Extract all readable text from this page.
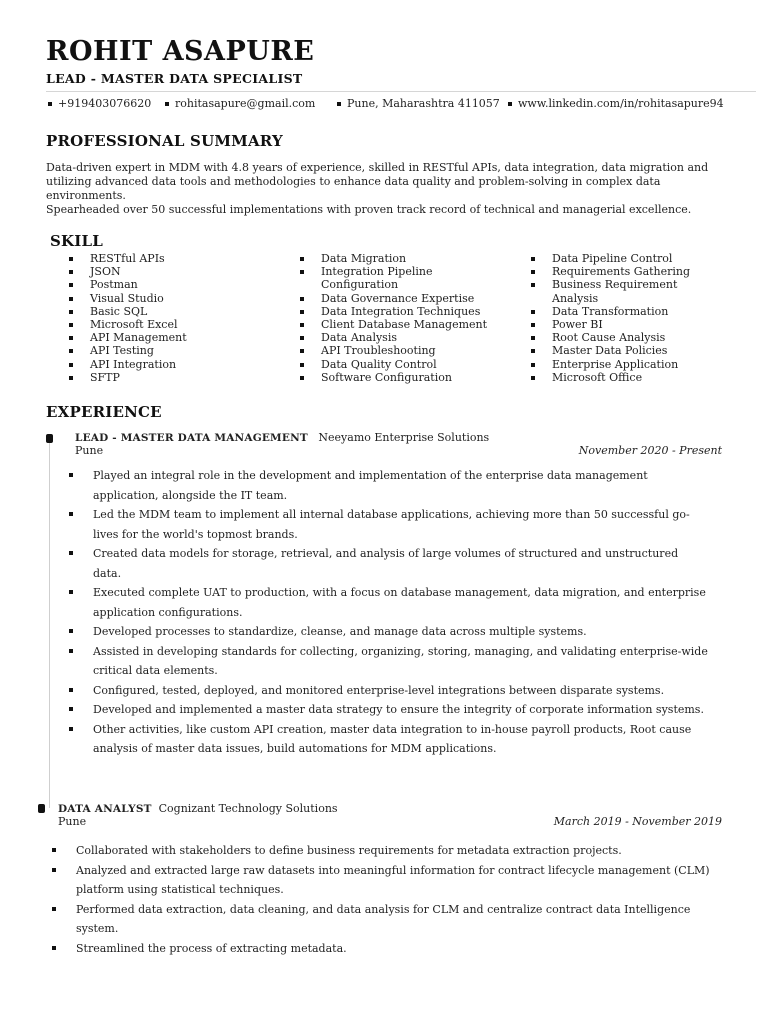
ROHIT ASAPURE
LEAD - MASTER DATA SPECIALIST
+919403076620	rohitasapure@gmail.com	Pune, Maharashtra 411057	www.linkedin.com/in/rohitasapure94
PROFESSIONAL SUMMARY

Data-driven expert in MDM with 4.8 years of experience, skilled in RESTful APIs, data integration, data migration and utilizing advanced data tools and methodologies to enhance data quality and problem-solving in complex data environments.

Spearheaded over 50 successful implementations with proven track record of technical and managerial excellence.

SKILL
RESTful APIs
JSON
Postman
Visual Studio
Basic SQL
Microsoft Excel
API Management
API Testing
API Integration
SFTP
Data Migration
Integration Pipeline Configuration
Data Governance Expertise
Data Integration Techniques
Client Database Management
Data Analysis
API Troubleshooting
Data Quality Control
Software Configuration
Data Pipeline Control
Requirements Gathering
Business Requirement Analysis
Data Transformation
Power BI
Root Cause Analysis
Master Data Policies
Enterprise Application
Microsoft Office
EXPERIENCE
LEAD - MASTER DATA MANAGEMENT Neeyamo Enterprise Solutions
Pune	November 2020 - Present
Played an integral role in the development and implementation of the enterprise data management application, alongside the IT team.
Led the MDM team to implement all internal database applications, achieving more than 50 successful go-lives for the world's topmost brands.
Created data models for storage, retrieval, and analysis of large volumes of structured and unstructured data.
Executed complete UAT to production, with a focus on database management, data migration, and enterprise application configurations.
Developed processes to standardize, cleanse, and manage data across multiple systems.
Assisted in developing standards for collecting, organizing, storing, managing, and validating enterprise-wide critical data elements.
Configured, tested, deployed, and monitored enterprise-level integrations between disparate systems.
Developed and implemented a master data strategy to ensure the integrity of corporate information systems.
Other activities, like custom API creation, master data integration to in-house payroll products, Root cause analysis of master data issues, build automations for MDM applications.
DATA ANALYST Cognizant Technology Solutions
Pune	March 2019 - November 2019
Collaborated with stakeholders to define business requirements for metadata extraction projects.
Analyzed and extracted large raw datasets into meaningful information for contract lifecycle management (CLM) platform using statistical techniques.
Performed data extraction, data cleaning, and data analysis for CLM and centralize contract data Intelligence system.
Streamlined the process of extracting metadata.
